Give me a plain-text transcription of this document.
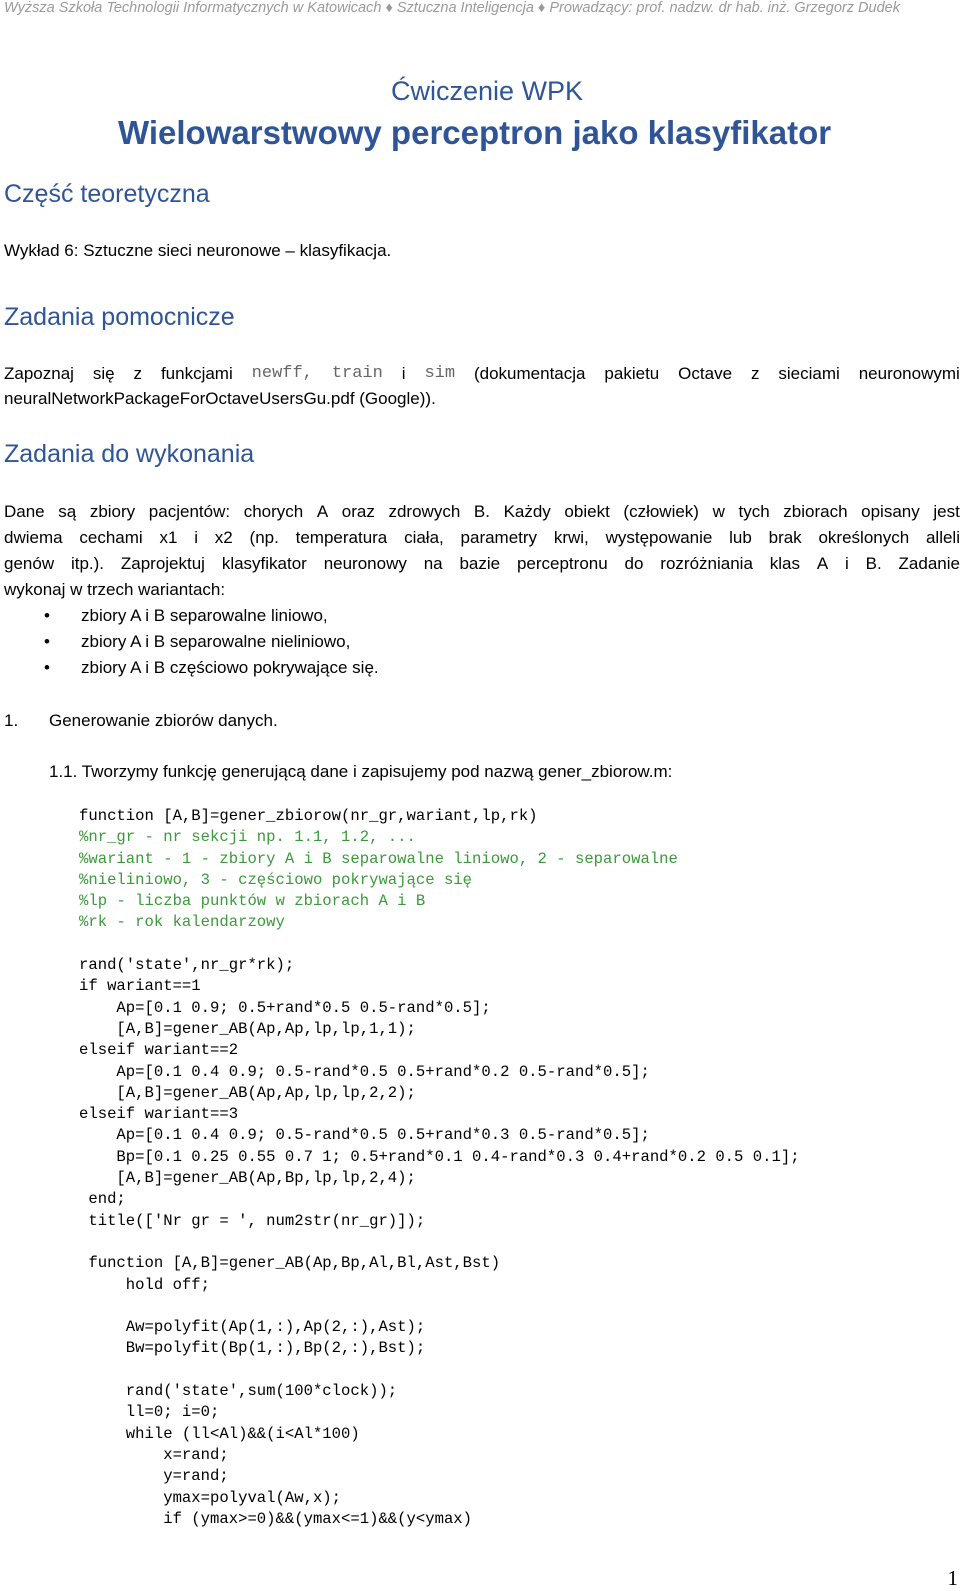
Wyższa Szkoła Technologii Informatycznych w Katowicach ♦ Sztuczna Inteligencja ♦ Prowadzący: prof. nadzw. dr hab. inż. Grzegorz Dudek
Ćwiczenie WPK
Wielowarstwowy perceptron jako klasyfikator
Część teoretyczna
Wykład 6: Sztuczne sieci neuronowe – klasyfikacja.
Zadania pomocnicze
Zapoznaj się z funkcjami newff, train i sim (dokumentacja pakietu Octave z sieciami neuronowymi
neuralNetworkPackageForOctaveUsersGu.pdf (Google)).
Zadania do wykonania
Dane są zbiory pacjentów: chorych A oraz zdrowych B. Każdy obiekt (człowiek) w tych zbiorach opisany jest
dwiema cechami x1 i x2 (np. temperatura ciała, parametry krwi, występowanie lub brak określonych alleli
genów itp.). Zaprojektuj klasyfikator neuronowy na bazie perceptronu do rozróżniania klas A i B. Zadanie
wykonaj w trzech wariantach:
• zbiory A i B separowalne liniowo,
• zbiory A i B separowalne nieliniowo,
• zbiory A i B częściowo pokrywające się.
1. Generowanie zbiorów danych.
1.1. Tworzymy funkcję generującą dane i zapisujemy pod nazwą gener_zbiorow.m:
function [A,B]=gener_zbiorow(nr_gr,wariant,lp,rk)
%nr_gr - nr sekcji np. 1.1, 1.2, ...
%wariant - 1 - zbiory A i B separowalne liniowo, 2 - separowalne
%nieliniowo, 3 - częściowo pokrywające się
%lp - liczba punktów w zbiorach A i B
%rk - rok kalendarzowy

rand('state',nr_gr*rk);
if wariant==1
Ap=[0.1 0.9; 0.5+rand*0.5 0.5-rand*0.5];
[A,B]=gener_AB(Ap,Ap,lp,lp,1,1);
elseif wariant==2
Ap=[0.1 0.4 0.9; 0.5-rand*0.5 0.5+rand*0.2 0.5-rand*0.5];
[A,B]=gener_AB(Ap,Ap,lp,lp,2,2);
elseif wariant==3
Ap=[0.1 0.4 0.9; 0.5-rand*0.5 0.5+rand*0.3 0.5-rand*0.5];
Bp=[0.1 0.25 0.55 0.7 1; 0.5+rand*0.1 0.4-rand*0.3 0.4+rand*0.2 0.5 0.1];
[A,B]=gener_AB(Ap,Bp,lp,lp,2,4);
end;
title(['Nr gr = ', num2str(nr_gr)]);

function [A,B]=gener_AB(Ap,Bp,Al,Bl,Ast,Bst)
hold off;

Aw=polyfit(Ap(1,:),Ap(2,:),Ast);
Bw=polyfit(Bp(1,:),Bp(2,:),Bst);

rand('state',sum(100*clock));
ll=0; i=0;
while (ll<Al)&&(i<Al*100)
x=rand;
y=rand;
ymax=polyval(Aw,x);
if (ymax>=0)&&(ymax<=1)&&(y<ymax)
1
